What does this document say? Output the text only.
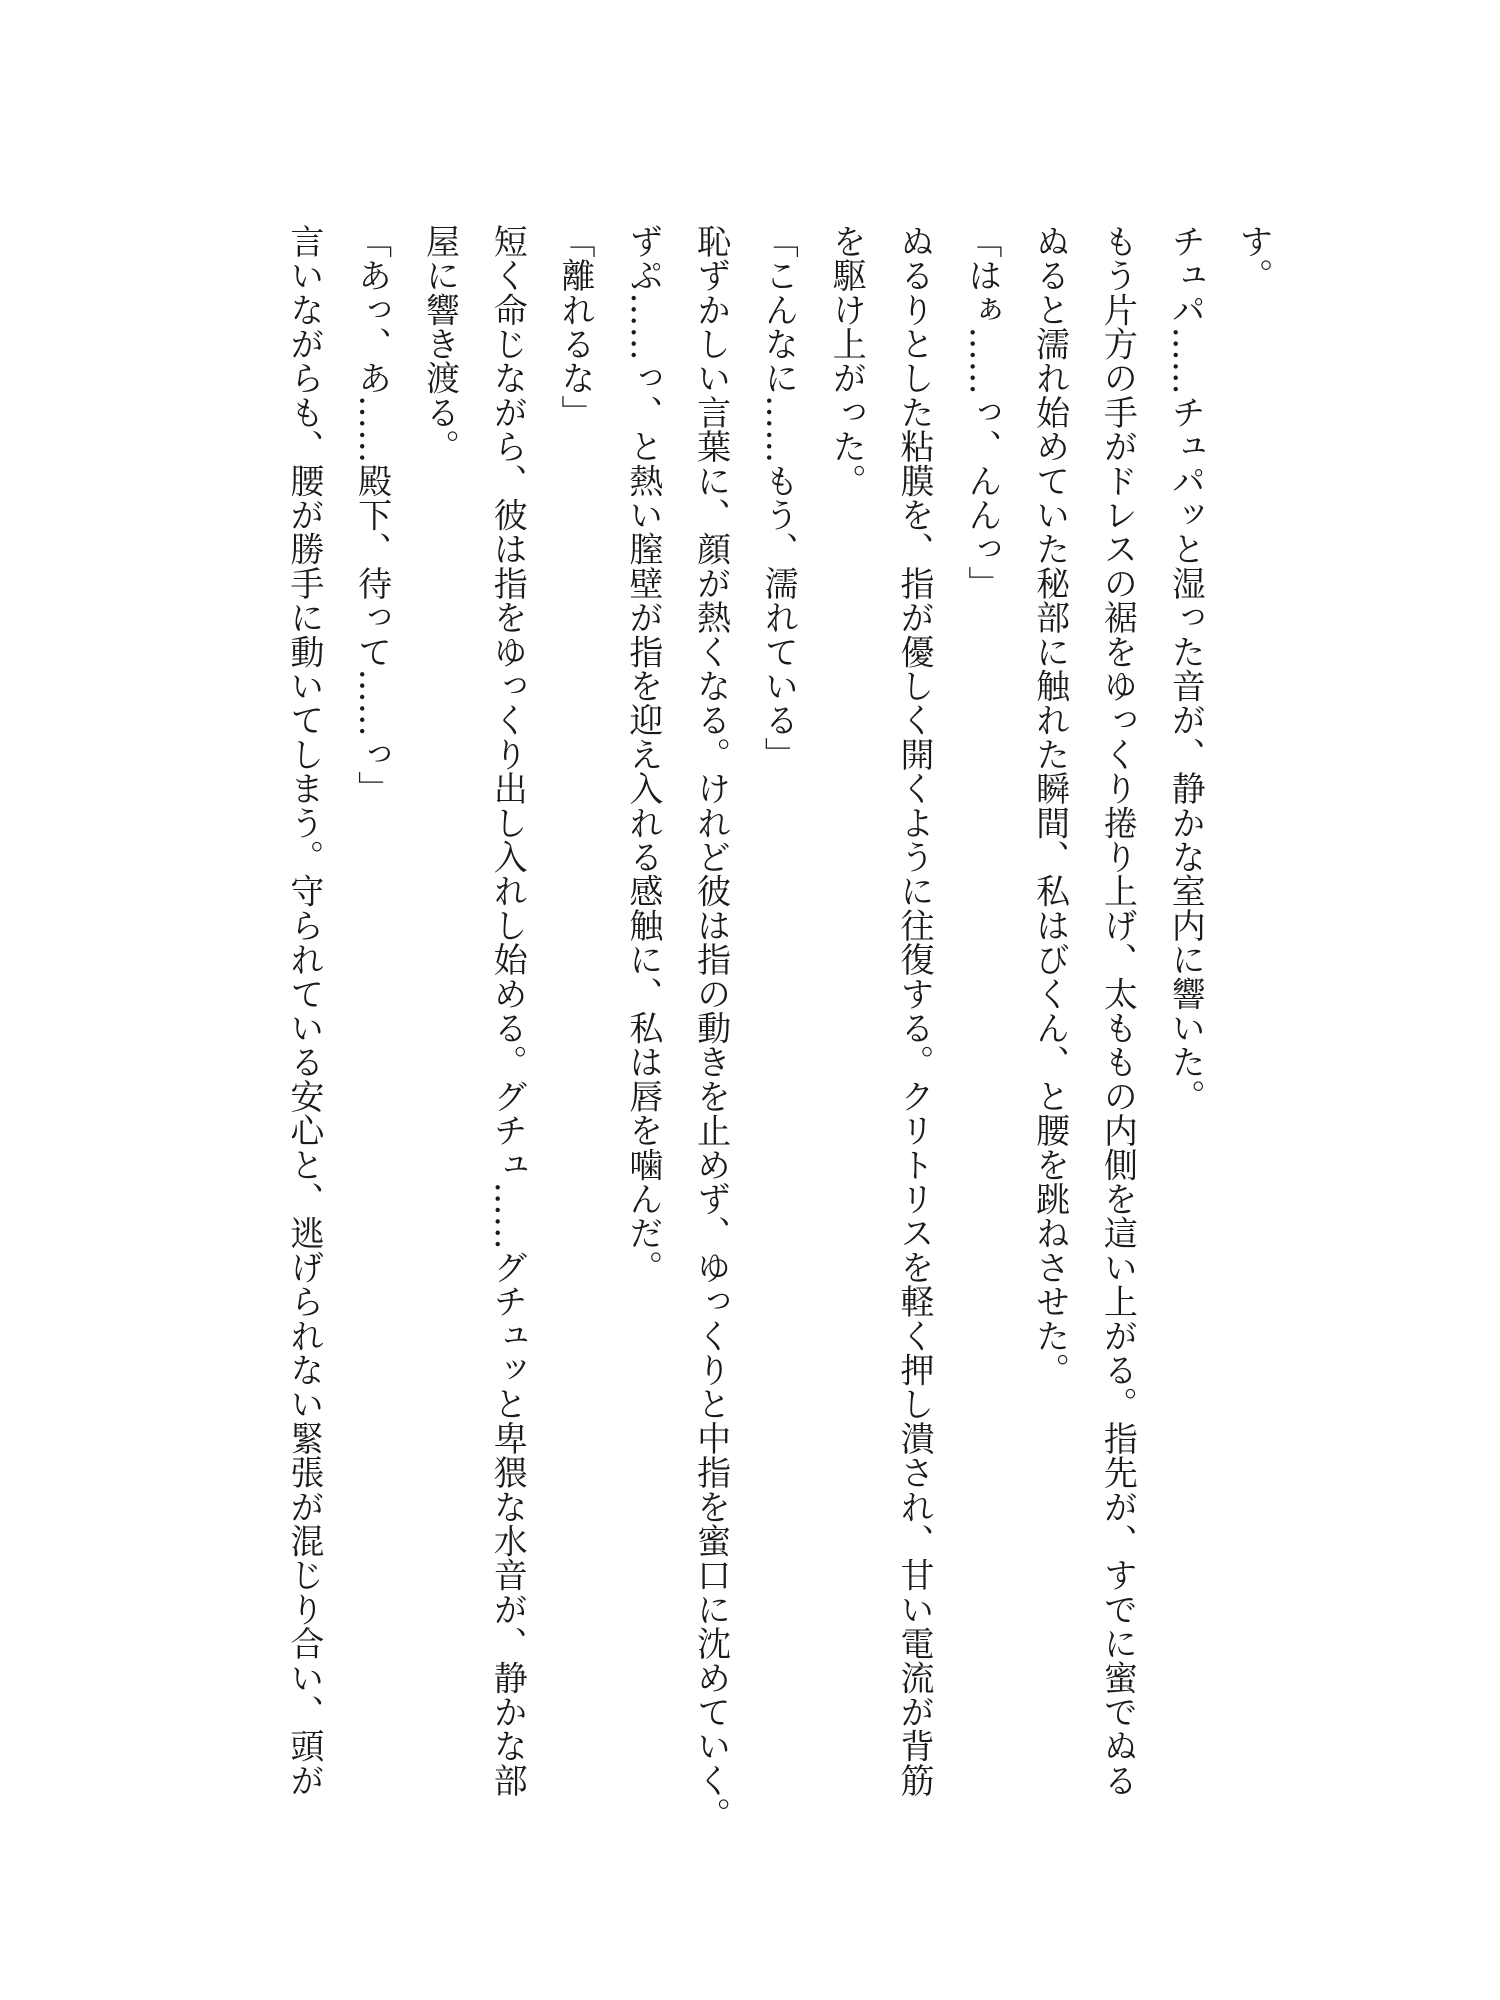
す。
チュパ……チュパッと湿った音が、静かな室内に響いた。
もう片方の手がドレスの裾をゆっくり捲り上げ、太ももの内側を這い上がる。指先が、すでに蜜でぬる
ぬると濡れ始めていた秘部に触れた瞬間、私はびくん、と腰を跳ねさせた。
「はぁ……っ、んんっ」
ぬるりとした粘膜を、指が優しく開くように往復する。クリトリスを軽く押し潰され、甘い電流が背筋
を駆け上がった。
「こんなに……もう、濡れている」
恥ずかしい言葉に、顔が熱くなる。けれど彼は指の動きを止めず、ゆっくりと中指を蜜口に沈めていく。
ずぷ……っ、と熱い膣壁が指を迎え入れる感触に、私は唇を噛んだ。
「離れるな」
短く命じながら、彼は指をゆっくり出し入れし始める。グチュ……グチュッと卑猥な水音が、静かな部
屋に響き渡る。
「あっ、あ……殿下、待って……っ」
言いながらも、腰が勝手に動いてしまう。守られている安心と、逃げられない緊張が混じり合い、頭が
